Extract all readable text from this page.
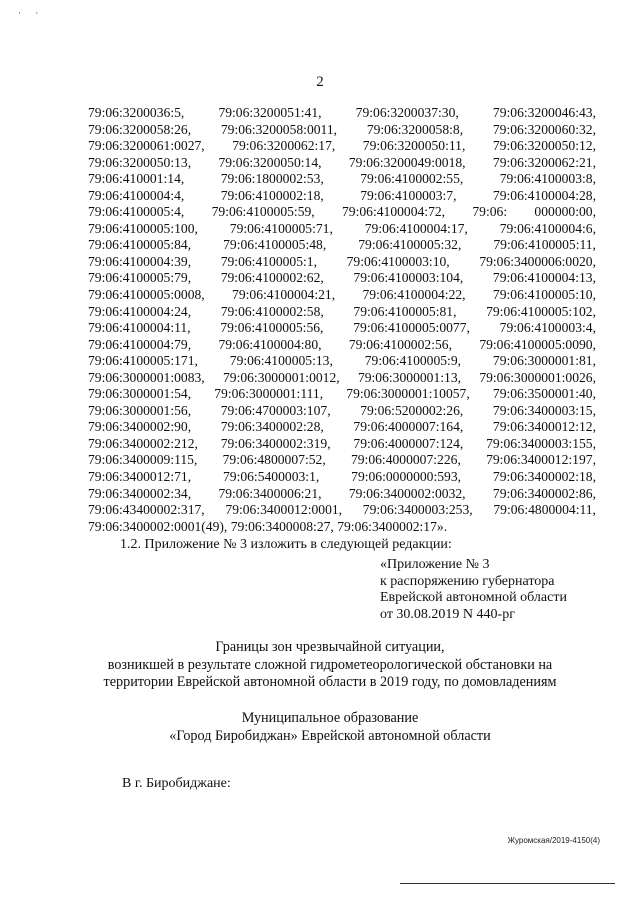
· ·
2
79:06:3200036:5,	79:06:3200051:41,	79:06:3200037:30,	79:06:3200046:43,
79:06:3200058:26, 79:06:3200058:0011, 79:06:3200058:8, 79:06:3200060:32,
79:06:3200061:0027, 79:06:3200062:17, 79:06:3200050:11, 79:06:3200050:12,
79:06:3200050:13, 79:06:3200050:14, 79:06:3200049:0018, 79:06:3200062:21,
79:06:410001:14,	79:06:1800002:53,	79:06:4100002:55,	79:06:4100003:8,
79:06:4100004:4,	79:06:4100002:18,	79:06:4100003:7,	79:06:4100004:28,
79:06:4100005:4, 79:06:4100005:59, 79:06:4100004:72, 79:06: 000000:00,
79:06:4100005:100, 79:06:4100005:71, 79:06:4100004:17, 79:06:4100004:6,
79:06:4100005:84, 79:06:4100005:48, 79:06:4100005:32, 79:06:4100005:11,
79:06:4100004:39, 79:06:4100005:1, 79:06:4100003:10, 79:06:3400006:0020,
79:06:4100005:79, 79:06:4100002:62, 79:06:4100003:104, 79:06:4100004:13,
79:06:4100005:0008, 79:06:4100004:21, 79:06:4100004:22, 79:06:4100005:10,
79:06:4100004:24, 79:06:4100002:58, 79:06:4100005:81, 79:06:4100005:102,
79:06:4100004:11, 79:06:4100005:56, 79:06:4100005:0077, 79:06:4100003:4,
79:06:4100004:79, 79:06:4100004:80, 79:06:4100002:56, 79:06:4100005:0090,
79:06:4100005:171, 79:06:4100005:13, 79:06:4100005:9, 79:06:3000001:81,
79:06:3000001:0083, 79:06:3000001:0012, 79:06:3000001:13, 79:06:3000001:0026,
79:06:3000001:54, 79:06:3000001:111, 79:06:3000001:10057, 79:06:3500001:40,
79:06:3000001:56, 79:06:4700003:107, 79:06:5200002:26, 79:06:3400003:15,
79:06:3400002:90, 79:06:3400002:28, 79:06:4000007:164, 79:06:3400012:12,
79:06:3400002:212, 79:06:3400002:319, 79:06:4000007:124, 79:06:3400003:155,
79:06:3400009:115, 79:06:4800007:52, 79:06:4000007:226, 79:06:3400012:197,
79:06:3400012:71, 79:06:5400003:1, 79:06:0000000:593, 79:06:3400002:18,
79:06:3400002:34, 79:06:3400006:21, 79:06:3400002:0032, 79:06:3400002:86,
79:06:43400002:317, 79:06:3400012:0001, 79:06:3400003:253, 79:06:4800004:11,
79:06:3400002:0001(49), 79:06:3400008:27, 79:06:3400002:17».
1.2. Приложение № 3 изложить в следующей редакции:
«Приложение № 3
к распоряжению губернатора
Еврейской автономной области
от 30.08.2019 N 440-рг
Границы зон чрезвычайной ситуации,
возникшей в результате сложной гидрометеорологической обстановки на
территории Еврейской автономной области в 2019 году, по домовладениям
Муниципальное образование
«Город Биробиджан» Еврейской автономной области
В г. Биробиджане:
Журомская/2019-4150(4)
